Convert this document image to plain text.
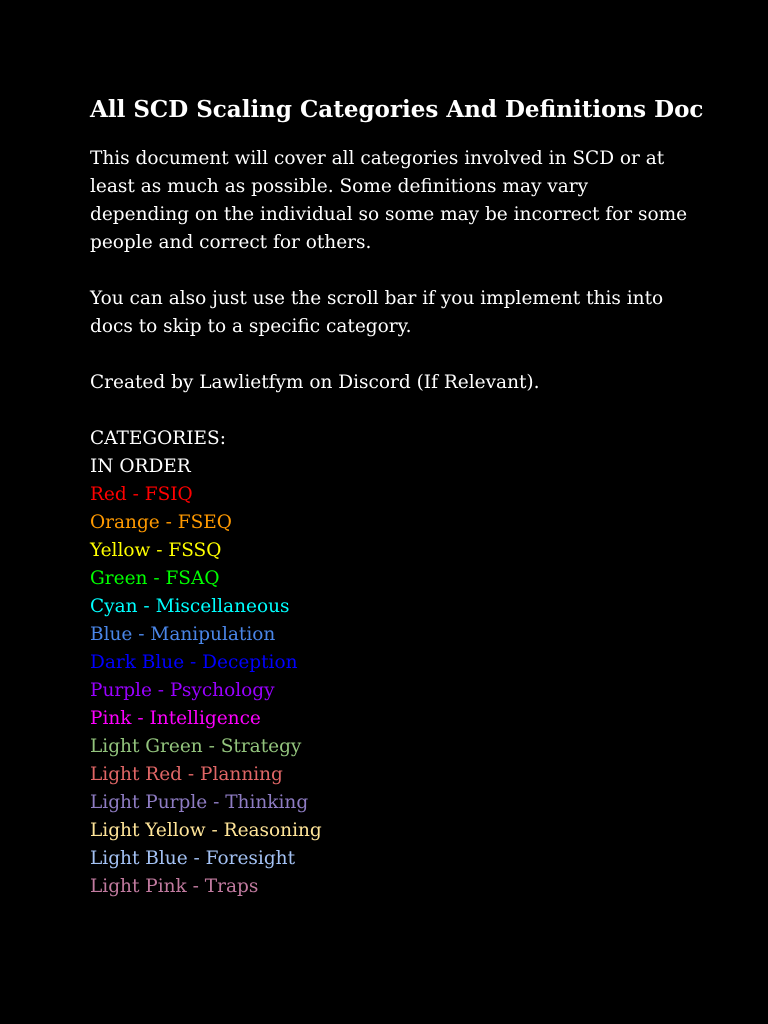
All SCD Scaling Categories And Definitions Doc

This document will cover all categories involved in SCD or at least as much as possible. Some definitions may vary depending on the individual so some may be incorrect for some people and correct for others.

You can also just use the scroll bar if you implement this into docs to skip to a specific category.

Created by Lawlietfym on Discord (If Relevant).

CATEGORIES:
IN ORDER
Red - FSIQ
Orange - FSEQ
Yellow - FSSQ
Green - FSAQ
Cyan - Miscellaneous
Blue - Manipulation
Dark Blue - Deception
Purple - Psychology
Pink - Intelligence
Light Green - Strategy
Light Red - Planning
Light Purple - Thinking
Light Yellow - Reasoning
Light Blue - Foresight
Light Pink - Traps
